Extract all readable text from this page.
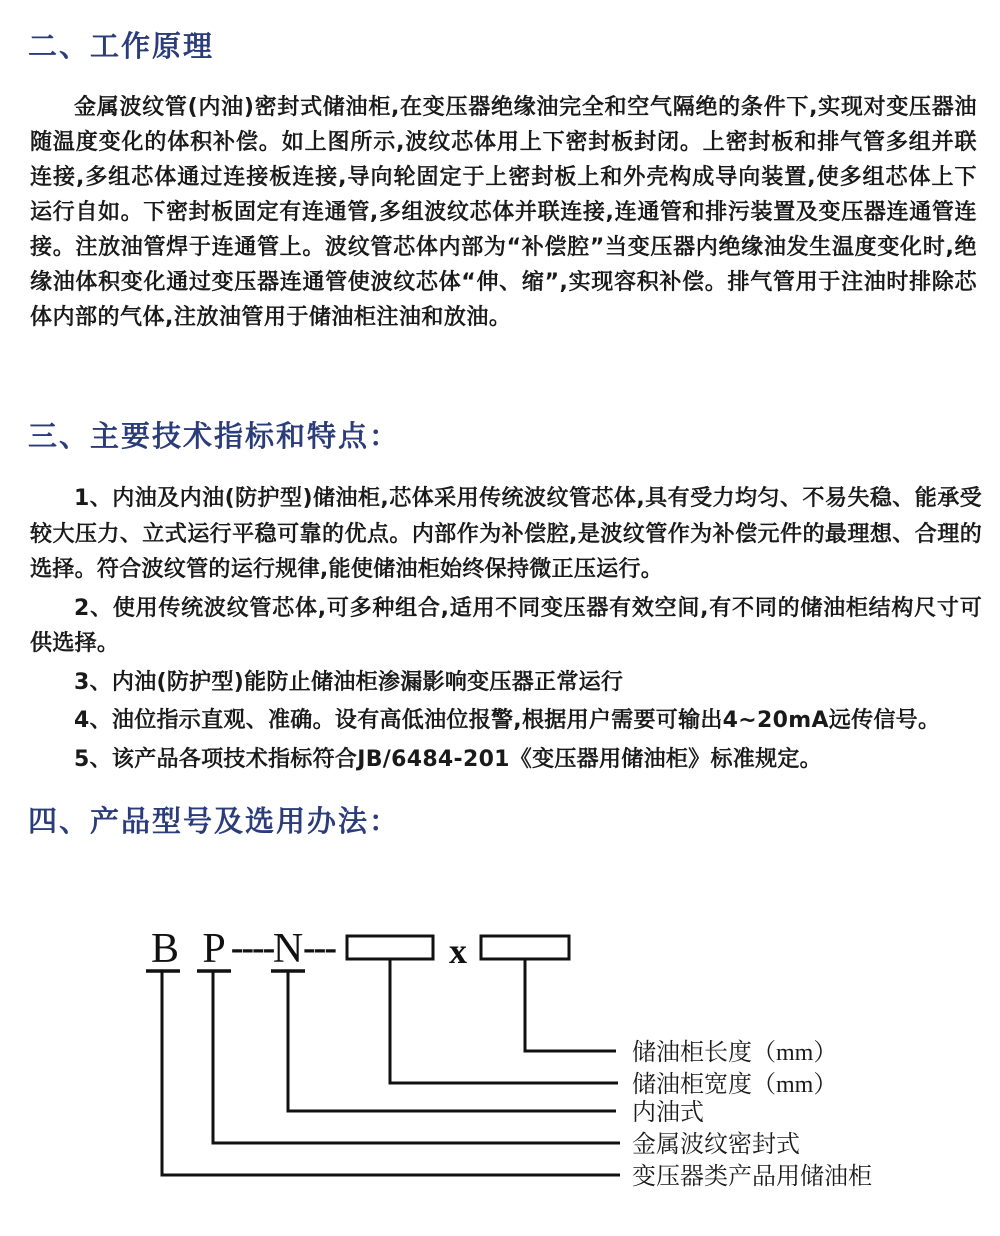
二、工作原理

金属波纹管(内油)密封式储油柜,在变压器绝缘油完全和空气隔绝的条件下,实现对变压器油随温度变化的体积补偿。如上图所示,波纹芯体用上下密封板封闭。上密封板和排气管多组并联连接,多组芯体通过连接板连接,导向轮固定于上密封板上和外壳构成导向装置,使多组芯体上下运行自如。下密封板固定有连通管,多组波纹芯体并联连接,连通管和排污装置及变压器连通管连接。注放油管焊于连通管上。波纹管芯体内部为“补偿腔”当变压器内绝缘油发生温度变化时,绝缘油体积变化通过变压器连通管使波纹芯体“伸、缩”,实现容积补偿。排气管用于注油时排除芯体内部的气体,注放油管用于储油柜注油和放油。

三、主要技术指标和特点：

1、内油及内油(防护型)储油柜,芯体采用传统波纹管芯体,具有受力均匀、不易失稳、能承受较大压力、立式运行平稳可靠的优点。内部作为补偿腔,是波纹管作为补偿元件的最理想、合理的选择。符合波纹管的运行规律,能使储油柜始终保持微正压运行。

2、使用传统波纹管芯体,可多种组合,适用不同变压器有效空间,有不同的储油柜结构尺寸可供选择。

3、内油(防护型)能防止储油柜渗漏影响变压器正常运行

4、油位指示直观、准确。设有高低油位报警,根据用户需要可输出4~20mA远传信号。

5、该产品各项技术指标符合JB/6484-201《变压器用储油柜》标准规定。

四、产品型号及选用办法：
B P ---- N ---	x
储油柜长度（mm）
储油柜宽度（mm）
内油式
金属波纹密封式
变压器类产品用储油柜
